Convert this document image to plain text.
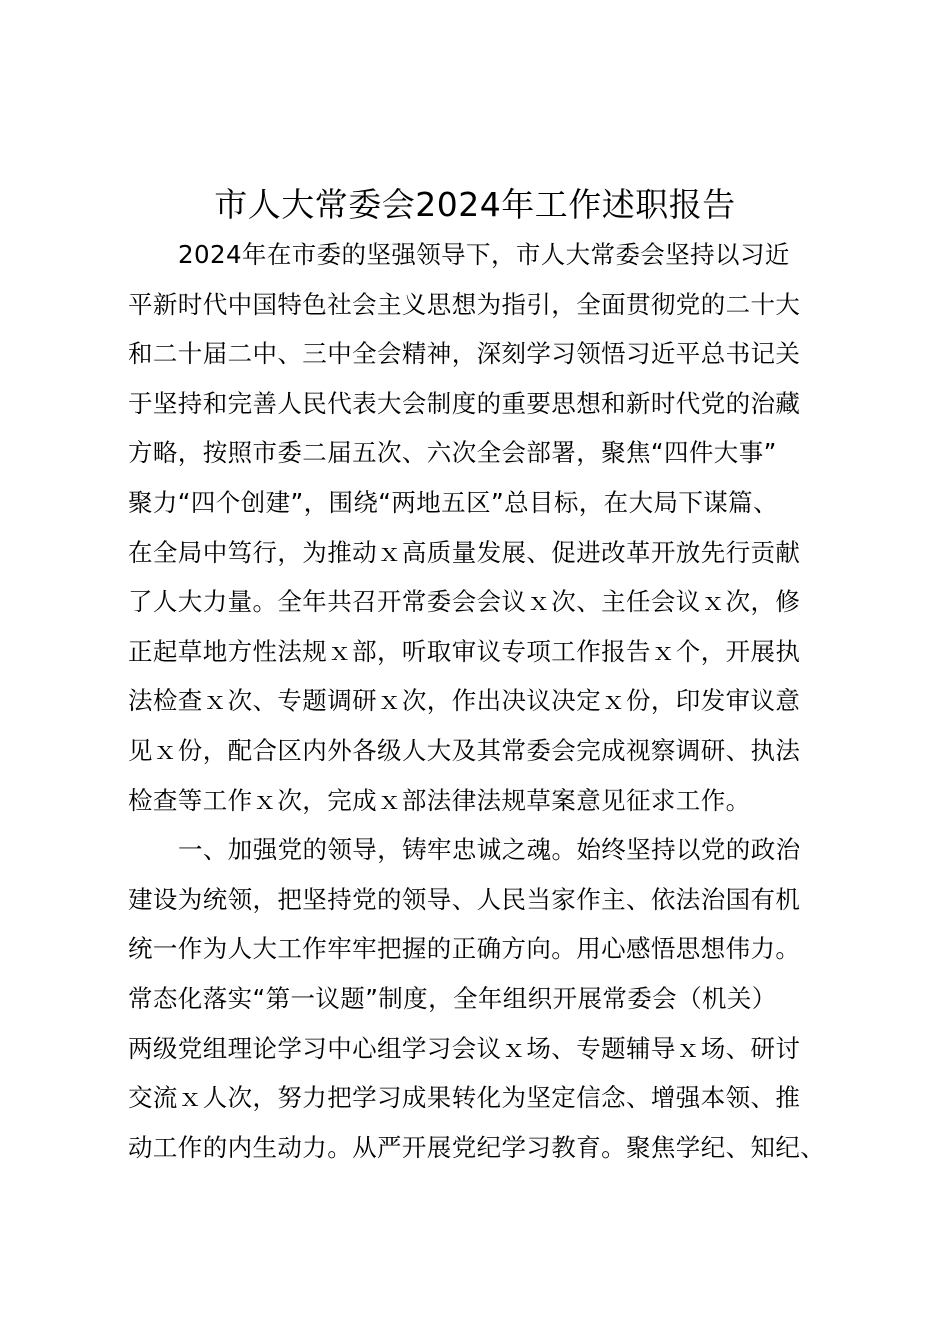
市人大常委会2024年工作述职报告
2024年在市委的坚强领导下，市人大常委会坚持以习近
平新时代中国特色社会主义思想为指引，全面贯彻党的二十大
和二十届二中、三中全会精神，深刻学习领悟习近平总书记关
于坚持和完善人民代表大会制度的重要思想和新时代党的治藏
方略，按照市委二届五次、六次全会部署，聚焦“四件大事”
聚力“四个创建”，围绕“两地五区”总目标，在大局下谋篇、
在全局中笃行，为推动ｘ高质量发展、促进改革开放先行贡献
了人大力量。全年共召开常委会会议ｘ次、主任会议ｘ次，修
正起草地方性法规ｘ部，听取审议专项工作报告ｘ个，开展执
法检查ｘ次、专题调研ｘ次，作出决议决定ｘ份，印发审议意
见ｘ份，配合区内外各级人大及其常委会完成视察调研、执法
检查等工作ｘ次，完成ｘ部法律法规草案意见征求工作。
一、加强党的领导，铸牢忠诚之魂。始终坚持以党的政治
建设为统领，把坚持党的领导、人民当家作主、依法治国有机
统一作为人大工作牢牢把握的正确方向。用心感悟思想伟力。
常态化落实“第一议题”制度，全年组织开展常委会（机关）
两级党组理论学习中心组学习会议ｘ场、专题辅导ｘ场、研讨
交流ｘ人次，努力把学习成果转化为坚定信念、增强本领、推
动工作的内生动力。从严开展党纪学习教育。聚焦学纪、知纪、
